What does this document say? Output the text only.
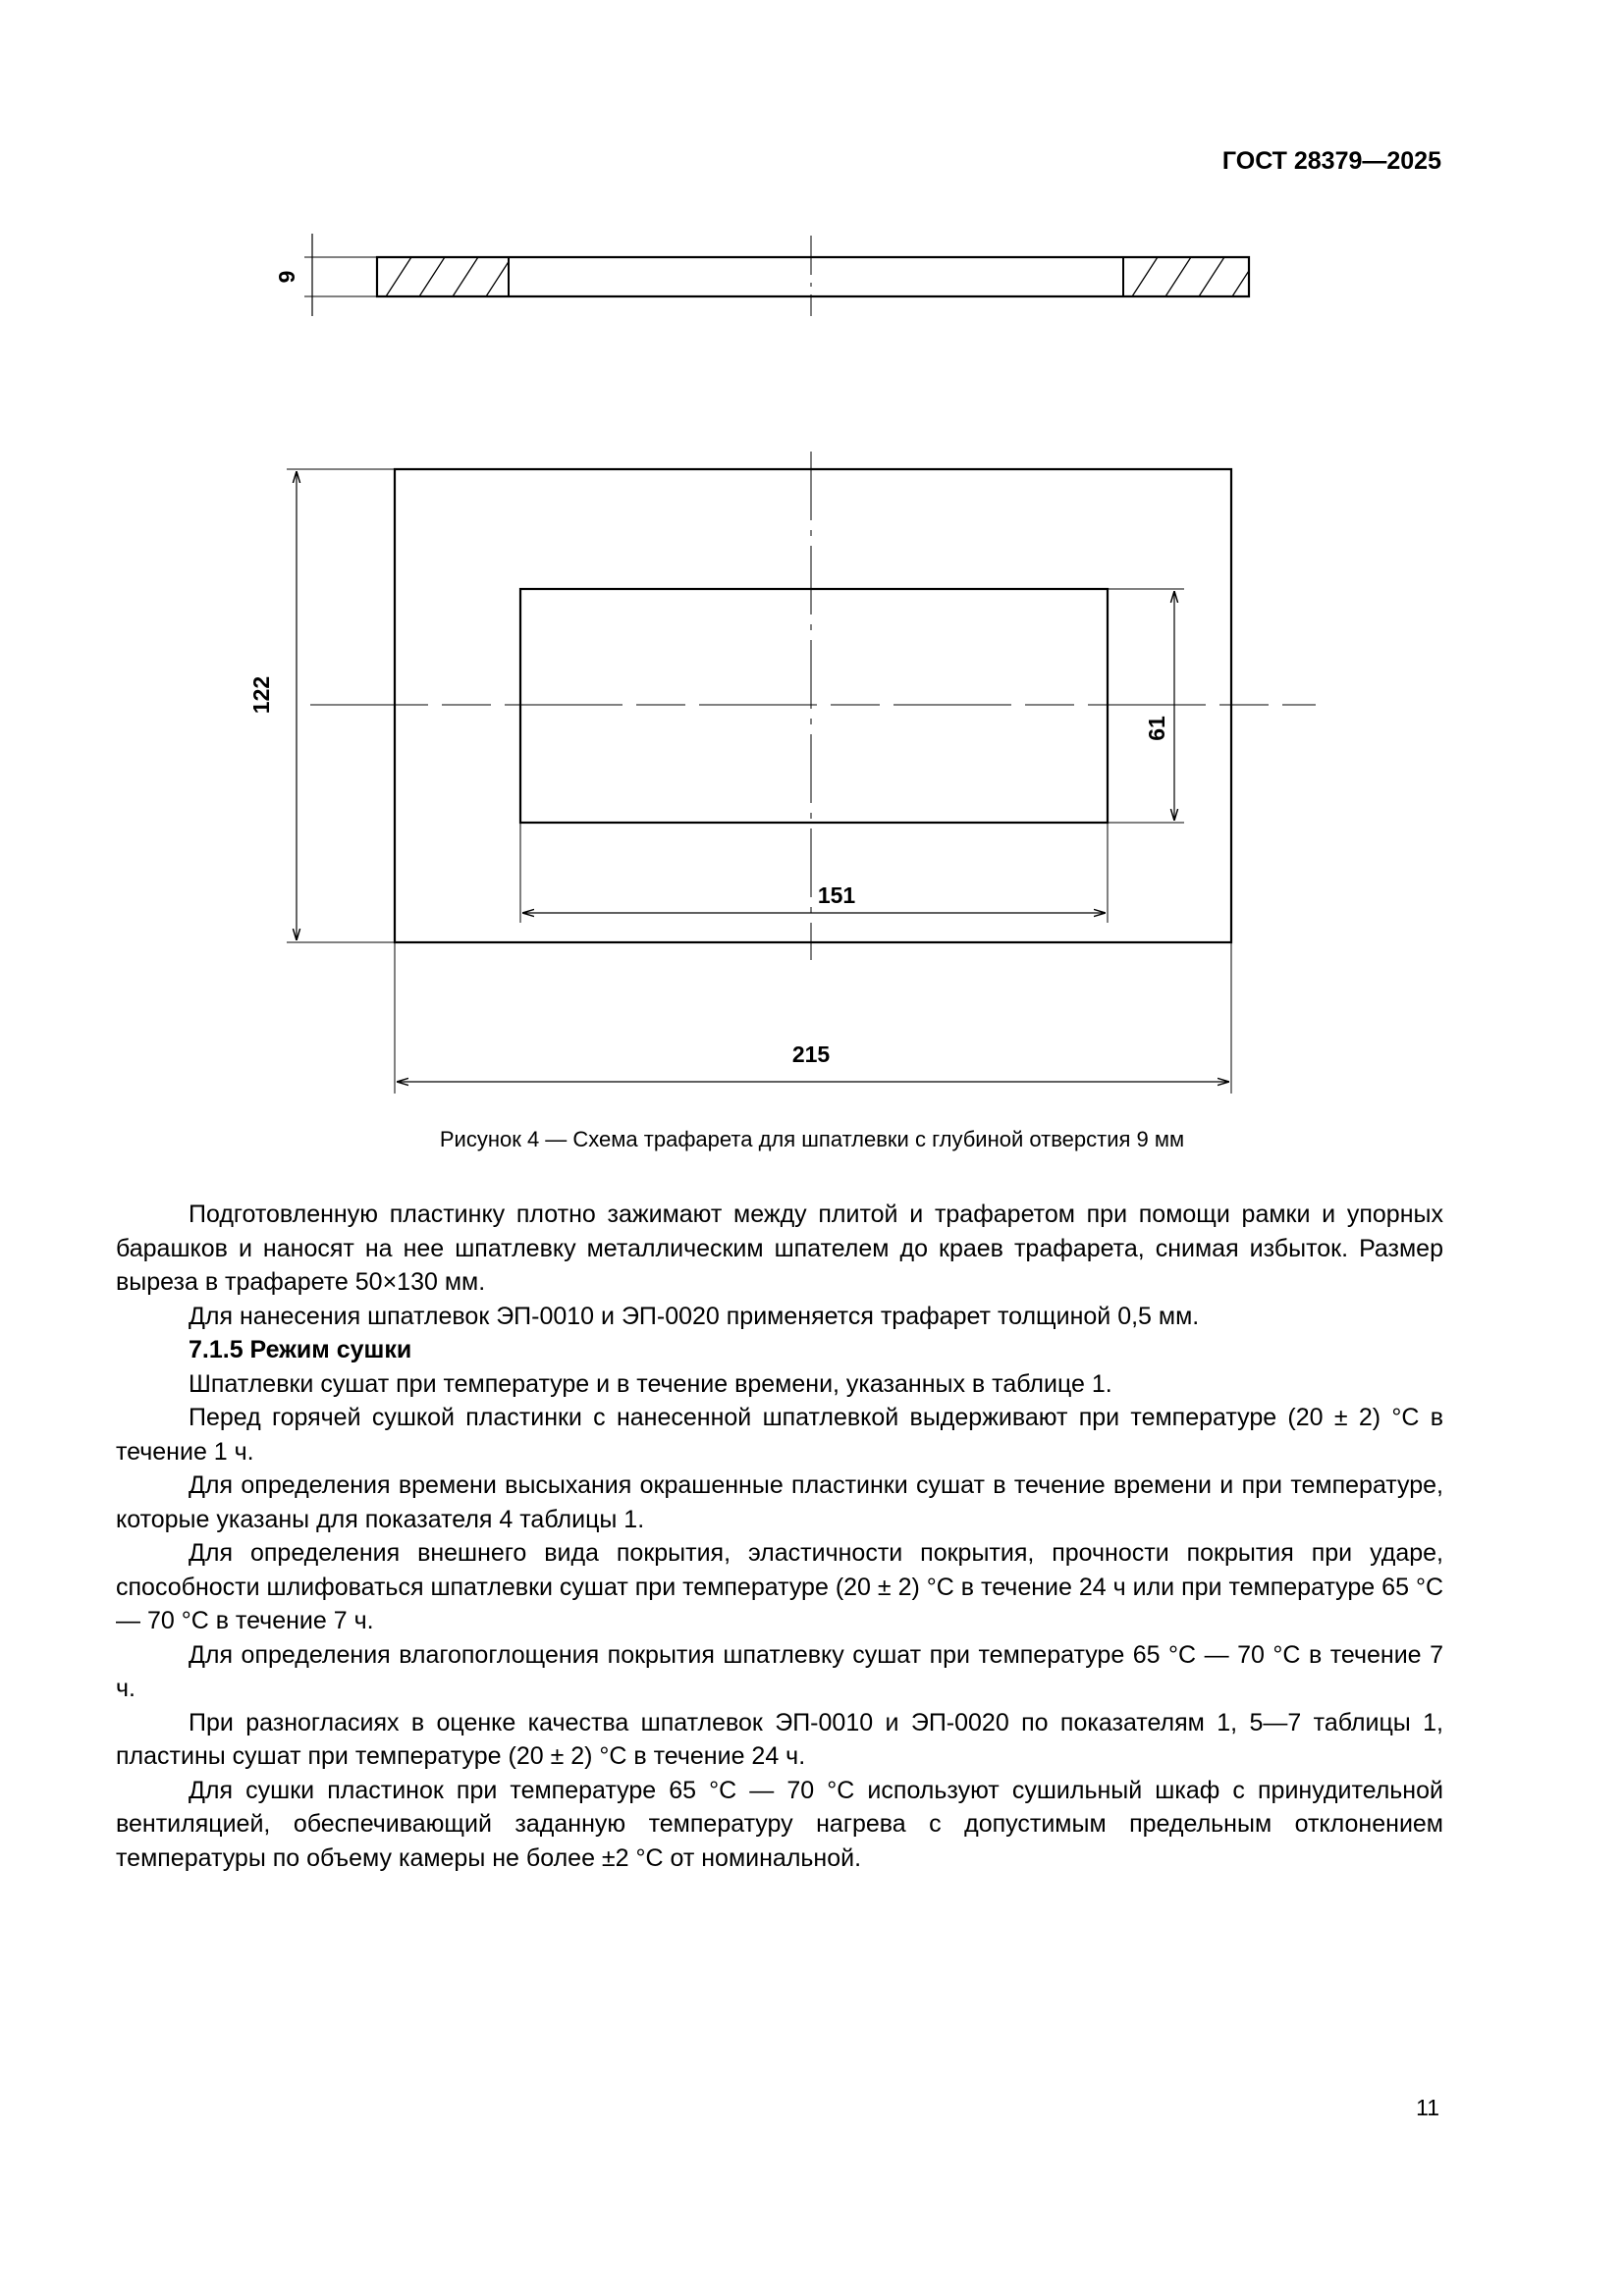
ГОСТ 28379—2025
9
122
61
151
215
Рисунок 4 — Схема трафарета для шпатлевки с глубиной отверстия 9 мм

Подготовленную пластинку плотно зажимают между плитой и трафаретом при помощи рамки и упорных барашков и наносят на нее шпатлевку металлическим шпателем до краев трафарета, снимая избыток. Размер выреза в трафарете 50×130 мм.

Для нанесения шпатлевок ЭП-0010 и ЭП-0020 применяется трафарет толщиной 0,5 мм.

7.1.5 Режим сушки

Шпатлевки сушат при температуре и в течение времени, указанных в таблице 1.

Перед горячей сушкой пластинки с нанесенной шпатлевкой выдерживают при температуре (20 ± 2) °C в течение 1 ч.

Для определения времени высыхания окрашенные пластинки сушат в течение времени и при температуре, которые указаны для показателя 4 таблицы 1.

Для определения внешнего вида покрытия, эластичности покрытия, прочности покрытия при ударе, способности шлифоваться шпатлевки сушат при температуре (20 ± 2) °C в течение 24 ч или при температуре 65 °C — 70 °C в течение 7 ч.

Для определения влагопоглощения покрытия шпатлевку сушат при температуре 65 °C — 70 °C в течение 7 ч.

При разногласиях в оценке качества шпатлевок ЭП-0010 и ЭП-0020 по показателям 1, 5—7 таблицы 1, пластины сушат при температуре (20 ± 2) °C в течение 24 ч.

Для сушки пластинок при температуре 65 °C — 70 °C используют сушильный шкаф с принудительной вентиляцией, обеспечивающий заданную температуру нагрева с допустимым предельным отклонением температуры по объему камеры не более ±2 °C от номинальной.

11
